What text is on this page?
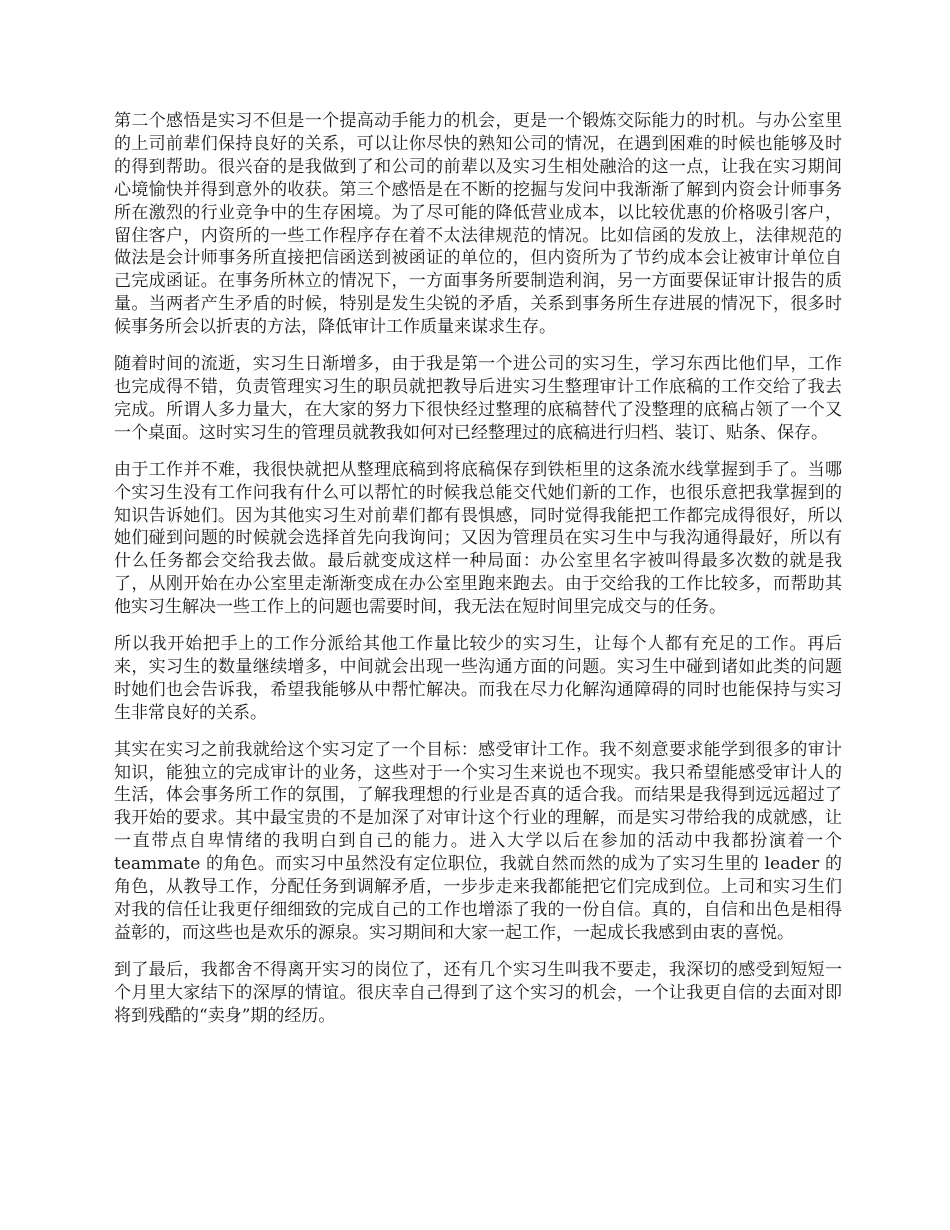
第二个感悟是实习不但是一个提高动手能力的机会，更是一个锻炼交际能力的时机。与办公室里的上司前辈们保持良好的关系，可以让你尽快的熟知公司的情况，在遇到困难的时候也能够及时的得到帮助。很兴奋的是我做到了和公司的前辈以及实习生相处融洽的这一点，让我在实习期间心境愉快并得到意外的收获。第三个感悟是在不断的挖掘与发问中我渐渐了解到内资会计师事务所在激烈的行业竞争中的生存困境。为了尽可能的降低营业成本，以比较优惠的价格吸引客户，留住客户，内资所的一些工作程序存在着不太法律规范的情况。比如信函的发放上，法律规范的做法是会计师事务所直接把信函送到被函证的单位的，但内资所为了节约成本会让被审计单位自己完成函证。在事务所林立的情况下，一方面事务所要制造利润，另一方面要保证审计报告的质量。当两者产生矛盾的时候，特别是发生尖锐的矛盾，关系到事务所生存进展的情况下，很多时候事务所会以折衷的方法，降低审计工作质量来谋求生存。

随着时间的流逝，实习生日渐增多，由于我是第一个进公司的实习生，学习东西比他们早，工作也完成得不错，负责管理实习生的职员就把教导后进实习生整理审计工作底稿的工作交给了我去完成。所谓人多力量大，在大家的努力下很快经过整理的底稿替代了没整理的底稿占领了一个又一个桌面。这时实习生的管理员就教我如何对已经整理过的底稿进行归档、装订、贴条、保存。

由于工作并不难，我很快就把从整理底稿到将底稿保存到铁柜里的这条流水线掌握到手了。当哪个实习生没有工作问我有什么可以帮忙的时候我总能交代她们新的工作，也很乐意把我掌握到的知识告诉她们。因为其他实习生对前辈们都有畏惧感，同时觉得我能把工作都完成得很好，所以她们碰到问题的时候就会选择首先向我询问；又因为管理员在实习生中与我沟通得最好，所以有什么任务都会交给我去做。最后就变成这样一种局面：办公室里名字被叫得最多次数的就是我了，从刚开始在办公室里走渐渐变成在办公室里跑来跑去。由于交给我的工作比较多，而帮助其他实习生解决一些工作上的问题也需要时间，我无法在短时间里完成交与的任务。

所以我开始把手上的工作分派给其他工作量比较少的实习生，让每个人都有充足的工作。再后来，实习生的数量继续增多，中间就会出现一些沟通方面的问题。实习生中碰到诸如此类的问题时她们也会告诉我，希望我能够从中帮忙解决。而我在尽力化解沟通障碍的同时也能保持与实习生非常良好的关系。

其实在实习之前我就给这个实习定了一个目标：感受审计工作。我不刻意要求能学到很多的审计知识，能独立的完成审计的业务，这些对于一个实习生来说也不现实。我只希望能感受审计人的生活，体会事务所工作的氛围，了解我理想的行业是否真的适合我。而结果是我得到远远超过了我开始的要求。其中最宝贵的不是加深了对审计这个行业的理解，而是实习带给我的成就感，让一直带点自卑情绪的我明白到自己的能力。进入大学以后在参加的活动中我都扮演着一个 teammate 的角色。而实习中虽然没有定位职位，我就自然而然的成为了实习生里的 leader 的角色，从教导工作，分配任务到调解矛盾，一步步走来我都能把它们完成到位。上司和实习生们对我的信任让我更仔细细致的完成自己的工作也增添了我的一份自信。真的，自信和出色是相得益彰的，而这些也是欢乐的源泉。实习期间和大家一起工作，一起成长我感到由衷的喜悦。

到了最后，我都舍不得离开实习的岗位了，还有几个实习生叫我不要走，我深切的感受到短短一个月里大家结下的深厚的情谊。很庆幸自己得到了这个实习的机会，一个让我更自信的去面对即将到残酷的“卖身”期的经历。
